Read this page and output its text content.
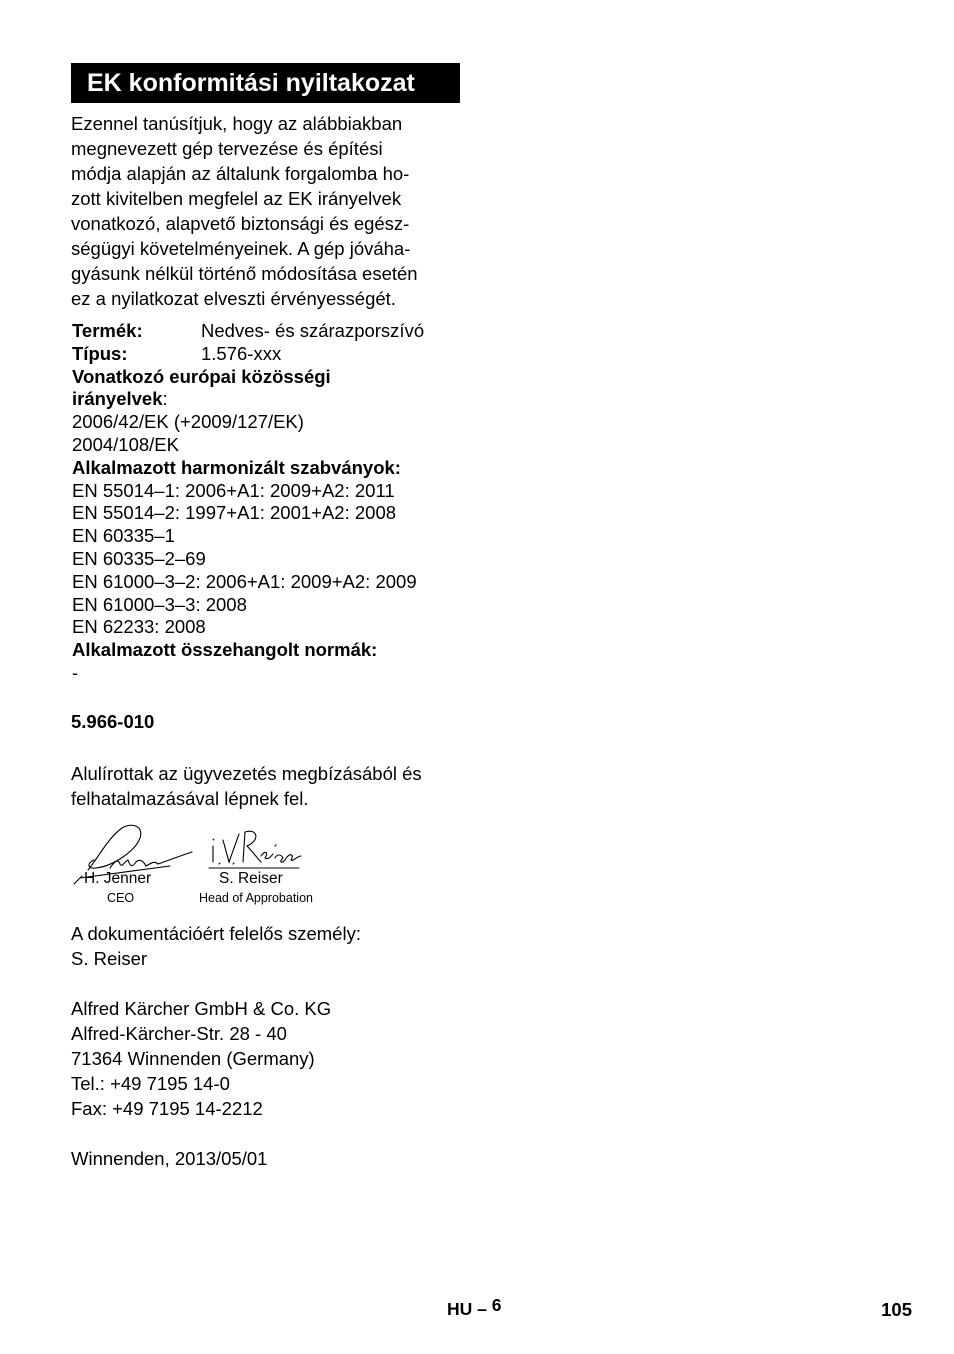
EK konformitási nyiltakozat
Ezennel tanúsítjuk, hogy az alábbiakban
megnevezett gép tervezése és építési
módja alapján az általunk forgalomba ho-
zott kivitelben megfelel az EK irányelvek
vonatkozó, alapvető biztonsági és egész-
ségügyi követelményeinek. A gép jóváha-
gyásunk nélkül történő módosítása esetén
ez a nyilatkozat elveszti érvényességét.
Termék:	Nedves- és szárazporszívó
Típus:	1.576-xxx
Vonatkozó európai közösségi
irányelvek:
2006/42/EK (+2009/127/EK)
2004/108/EK
Alkalmazott harmonizált szabványok:
EN 55014–1: 2006+A1: 2009+A2: 2011
EN 55014–2: 1997+A1: 2001+A2: 2008
EN 60335–1
EN 60335–2–69
EN 61000–3–2: 2006+A1: 2009+A2: 2009
EN 61000–3–3: 2008
EN 62233: 2008
Alkalmazott összehangolt normák:
-
5.966-010
Alulírottak az ügyvezetés megbízásából és
felhatalmazásával lépnek fel.
H. Jenner
CEO
S. Reiser
Head of Approbation
A dokumentációért felelős személy:
S. Reiser
Alfred Kärcher GmbH & Co. KG
Alfred-Kärcher-Str. 28 - 40
71364 Winnenden (Germany)
Tel.: +49 7195 14-0
Fax: +49 7195 14-2212
Winnenden, 2013/05/01
HU – 6	105
